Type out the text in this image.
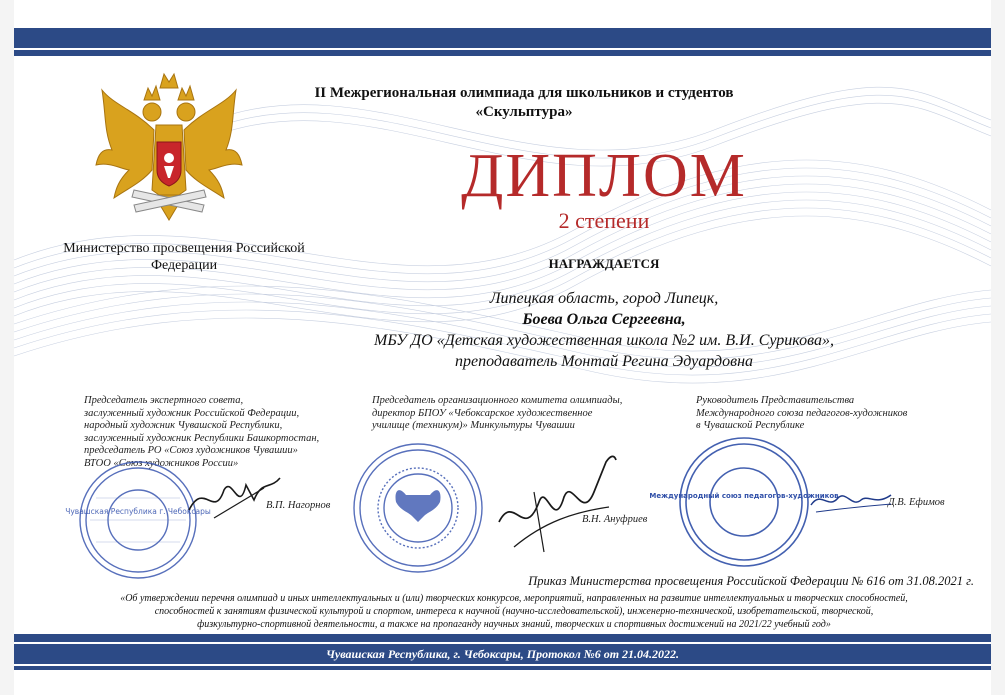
Министерство просвещения Российской Федерации
II Межрегиональная олимпиада для школьников и студентов
«Скульптура»
ДИПЛОМ
2 степени
НАГРАЖДАЕТСЯ
Липецкая область, город Липецк,
Боева Ольга Сергеевна,
МБУ ДО «Детская художественная школа №2 им. В.И. Сурикова»,
преподаватель Монтай Регина Эдуардовна
Председатель экспертного совета,
заслуженный художник Российской Федерации,
народный художник Чувашской Республики,
заслуженный художник Республики Башкортостан,
председатель РО «Союз художников Чувашии»
ВТОО «Союз художников России»
В.П. Нагорнов
Председатель организационного комитета олимпиады,
директор БПОУ «Чебоксарское художественное
училище (техникум)» Минкультуры Чувашии
В.Н. Ануфриев
Руководитель Представительства
Международного союза педагогов-художников
в Чувашской Республике
Д.В. Ефимов
Чувашская Республика г. Чебоксары
Международный союз педагогов-художников
Приказ Министерства просвещения Российской Федерации № 616 от 31.08.2021 г.
«Об утверждении перечня олимпиад и иных интеллектуальных и (или) творческих конкурсов, мероприятий, направленных на развитие интеллектуальных и творческих способностей,
способностей к занятиям физической культурой и спортом, интереса к научной (научно-исследовательской), инженерно-технической, изобретательской, творческой,
физкультурно-спортивной деятельности, а также на пропаганду научных знаний, творческих и спортивных достижений на 2021/22 учебный год»
Чувашская Республика, г. Чебоксары, Протокол №6 от 21.04.2022.
